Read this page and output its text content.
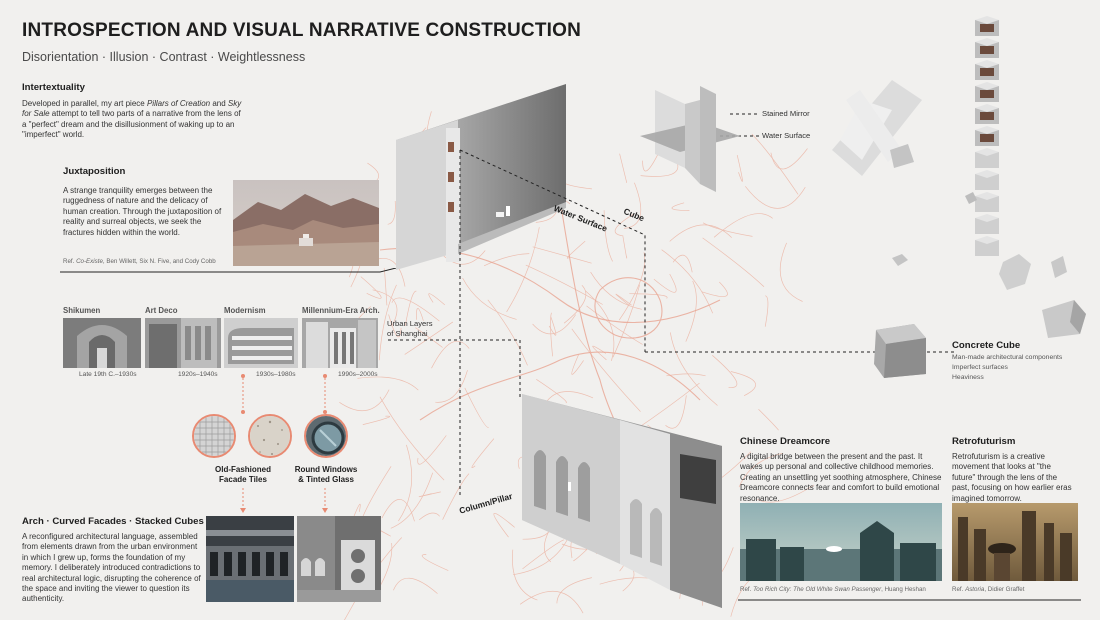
INTROSPECTION AND VISUAL NARRATIVE CONSTRUCTION
Disorientation · Illusion · Contrast · Weightlessness
Intertextuality
Developed in parallel, my art piece Pillars of Creation and Sky for Sale attempt to tell two parts of a narrative from the lens of a "perfect" dream and the disillusionment of waking up to an "imperfect" world.
Juxtaposition
A strange tranquility emerges between the ruggedness of nature and the delicacy of human creation. Through the juxtaposition of reality and surreal objects, we seek the fractures hidden within the world.
Ref. Co-Existe, Ben Willett, Six N. Five, and Cody Cobb
Water Surface Cube
Column/Pillar
Stained Mirror
Water Surface
Concrete Cube
Man-made architectural components
Imperfect surfaces
Heaviness
Shikumen	Art Deco	Modernism	Millennium-Era Arch.
Late 19th C.–1930s	1920s–1940s	1930s–1980s	1990s–2000s
Urban Layers
of Shanghai
Old-Fashioned
Facade Tiles
Round Windows
& Tinted Glass
Arch · Curved Facades · Stacked Cubes
A reconfigured architectural language, assembled from elements drawn from the urban environment in which I grew up, forms the foundation of my memory. I deliberately introduced contradictions to real architectural logic, disrupting the coherence of the space and inviting the viewer to question its authenticity.
Chinese Dreamcore
A digital bridge between the present and the past. It wakes up personal and collective childhood memories. Creating an unsettling yet soothing atmosphere, Chinese Dreamcore connects fear and comfort to build emotional resonance.
Ref. Too Rich City: The Old White Swan Passenger, Huang Heshan
Retrofuturism
Retrofuturism is a creative movement that looks at "the future" through the lens of the past, focusing on how earlier eras imagined tomorrow.
Ref. Astoria, Didier Graffet
